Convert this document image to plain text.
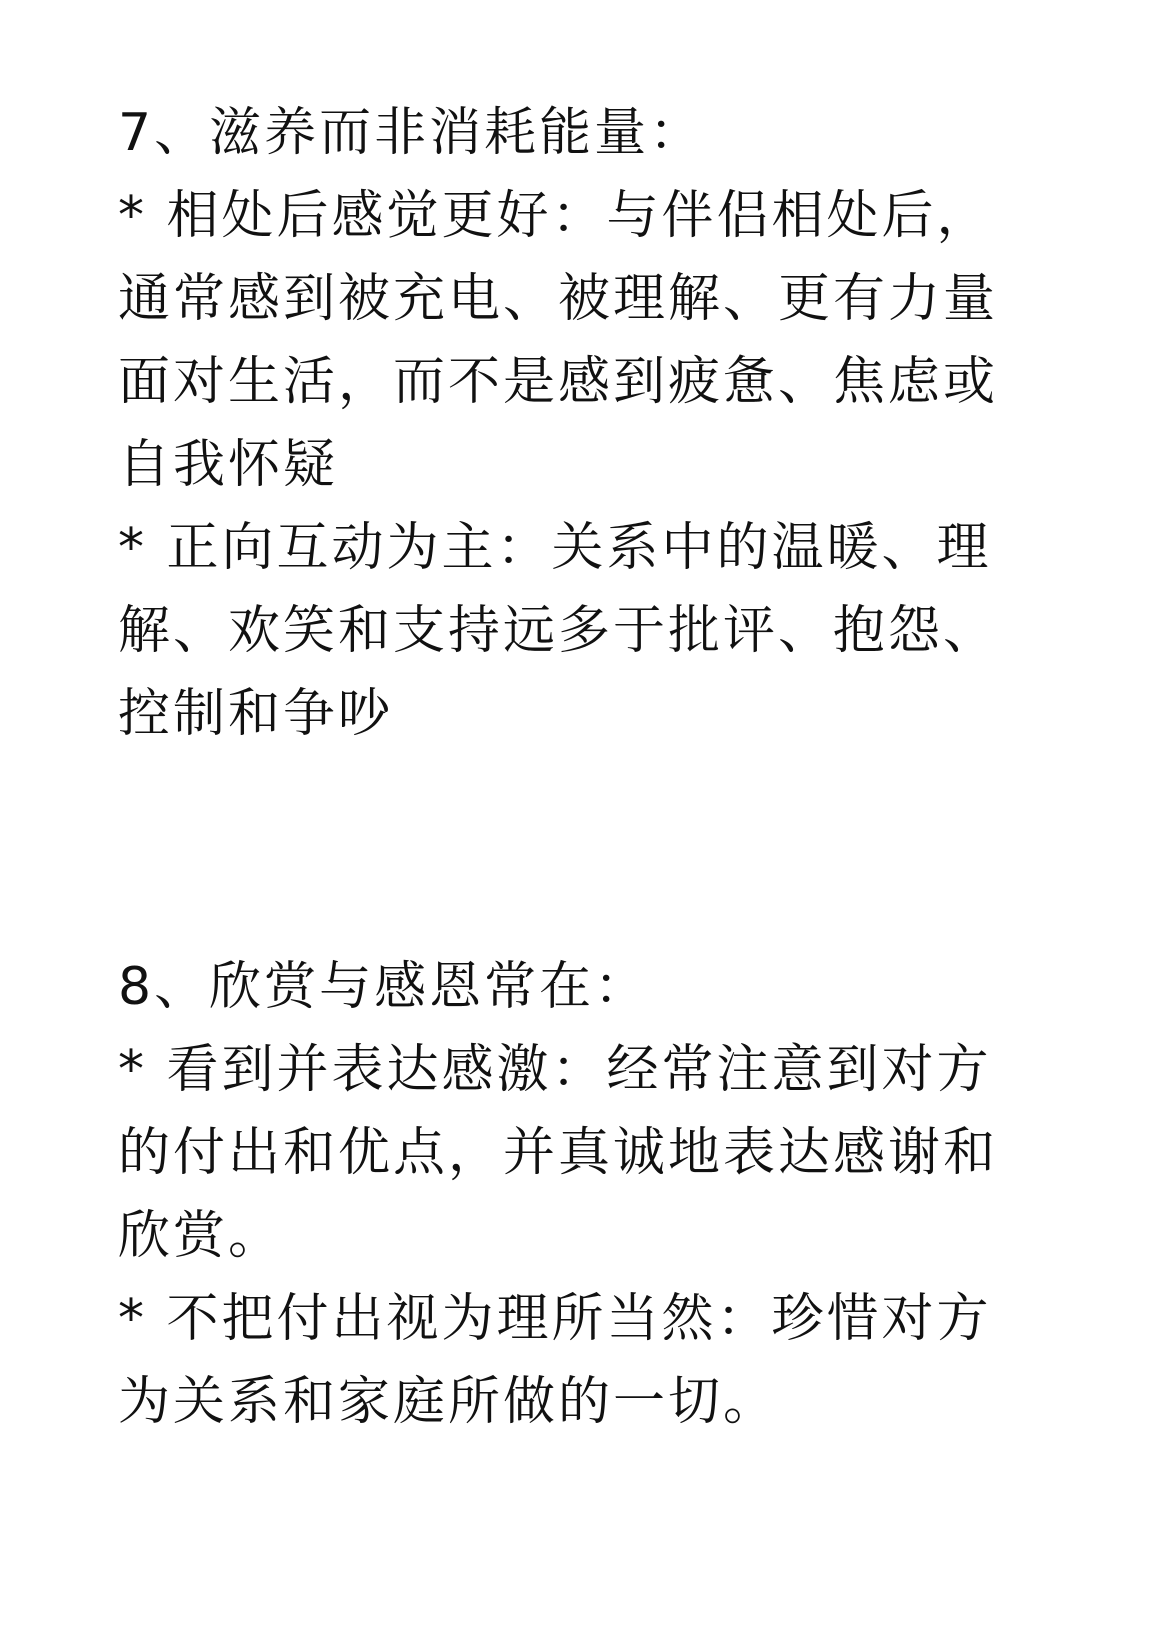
7、滋养而非消耗能量：
* 相处后感觉更好：与伴侣相处后，
通常感到被充电、被理解、更有力量
面对生活，而不是感到疲惫、焦虑或
自我怀疑
* 正向互动为主：关系中的温暖、理
解、欢笑和支持远多于批评、抱怨、
控制和争吵
8、欣赏与感恩常在：
* 看到并表达感激：经常注意到对方
的付出和优点，并真诚地表达感谢和
欣赏。
* 不把付出视为理所当然：珍惜对方
为关系和家庭所做的一切。
